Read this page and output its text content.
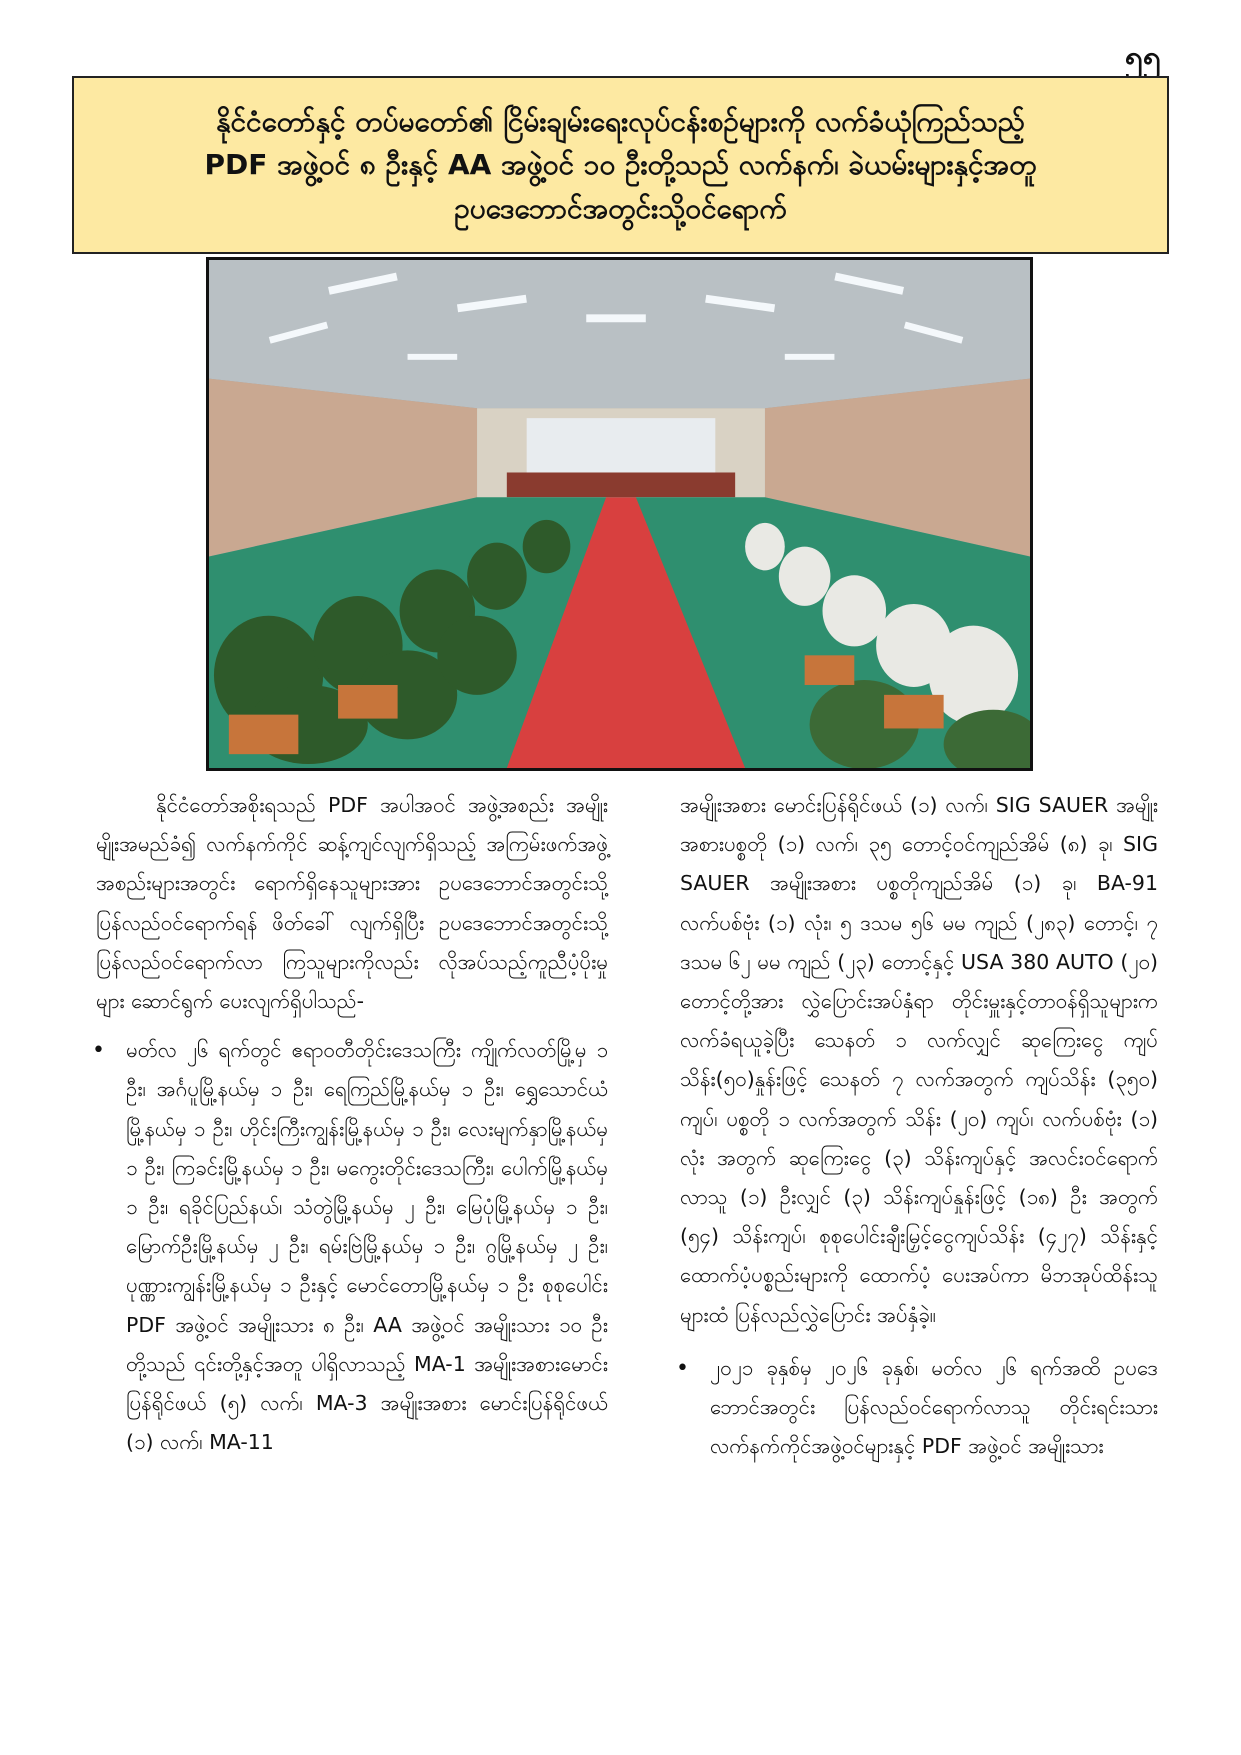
၅၅
နိုင်ငံတော်နှင့် တပ်မတော်၏ ငြိမ်းချမ်းရေးလုပ်ငန်းစဉ်များကို လက်ခံယုံကြည်သည့်
PDF အဖွဲ့ဝင် ၈ ဦးနှင့် AA အဖွဲ့ဝင် ၁၀ ဦးတို့သည် လက်နက်၊ ခဲယမ်းများနှင့်အတူ
ဥပဒေဘောင်အတွင်းသို့ဝင်ရောက်

နိုင်ငံတော်အစိုးရသည် PDF အပါအဝင် အဖွဲ့အစည်း အမျိုးမျိုးအမည်ခံ၍ လက်နက်ကိုင် ဆန့်ကျင်လျက်ရှိသည့် အကြမ်းဖက်အဖွဲ့အစည်းများအတွင်း ရောက်ရှိနေသူများအား ဥပဒေဘောင်အတွင်းသို့ ပြန်လည်ဝင်ရောက်ရန် ဖိတ်ခေါ် လျက်ရှိပြီး ဥပဒေဘောင်အတွင်းသို့ ပြန်လည်ဝင်ရောက်လာ ကြသူများကိုလည်း လိုအပ်သည့်ကူညီပံ့ပိုးမှုများ ဆောင်ရွက် ပေးလျက်ရှိပါသည်-

• မတ်လ ၂၆ ရက်တွင် ဧရာဝတီတိုင်းဒေသကြီး ကျိုက်လတ်မြို့မှ ၁ ဦး၊ အင်္ဂပူမြို့နယ်မှ ၁ ဦး၊ ရေကြည်မြို့နယ်မှ ၁ ဦး၊ ရွှေသောင်ယံမြို့နယ်မှ ၁ ဦး၊ ဟိုင်းကြီးကျွန်းမြို့နယ်မှ ၁ ဦး၊ လေးမျက်နှာမြို့နယ်မှ ၁ ဦး၊ ကြခင်းမြို့နယ်မှ ၁ ဦး၊ မကွေးတိုင်းဒေသကြီး၊ ပေါက်မြို့နယ်မှ ၁ ဦး၊ ရခိုင်ပြည်နယ်၊ သံတွဲမြို့နယ်မှ ၂ ဦး၊ မြေပုံမြို့နယ်မှ ၁ ဦး၊ မြောက်ဦးမြို့နယ်မှ ၂ ဦး၊ ရမ်းဗြဲမြို့နယ်မှ ၁ ဦး၊ ဂွမြို့နယ်မှ ၂ ဦး၊ ပုဏ္ဏားကျွန်းမြို့နယ်မှ ၁ ဦးနှင့် မောင်တောမြို့နယ်မှ ၁ ဦး စုစုပေါင်း PDF အဖွဲ့ဝင် အမျိုးသား ၈ ဦး၊ AA အဖွဲ့ဝင် အမျိုးသား ၁၀ ဦးတို့သည် ၎င်းတို့နှင့်အတူ ပါရှိလာသည့် MA-1 အမျိုးအစားမောင်းပြန်ရိုင်ဖယ် (၅) လက်၊ MA-3 အမျိုးအစား မောင်းပြန်ရိုင်ဖယ် (၁) လက်၊ MA-11

အမျိုးအစား မောင်းပြန်ရိုင်ဖယ် (၁) လက်၊ SIG SAUER အမျိုးအစားပစ္စတို (၁) လက်၊ ၃၅ တောင့်ဝင်ကျည်အိမ် (၈) ခု၊ SIG SAUER အမျိုးအစား ပစ္စတိုကျည်အိမ် (၁) ခု၊ BA-91 လက်ပစ်ဗုံး (၁) လုံး၊ ၅ ဒသမ ၅၆ မမ ကျည် (၂၈၃) တောင့်၊ ၇ ဒသမ ၆၂ မမ ကျည် (၂၃) တောင့်နှင့် USA 380 AUTO (၂၀) တောင့်တို့အား လွှဲပြောင်းအပ်နှံရာ တိုင်းမှူးနှင့်တာဝန်ရှိသူများက လက်ခံရယူခဲ့ပြီး သေနတ် ၁ လက်လျှင် ဆုကြေးငွေ ကျပ်သိန်း(၅၀)နှုန်းဖြင့် သေနတ် ၇ လက်အတွက် ကျပ်သိန်း (၃၅၀) ကျပ်၊ ပစ္စတို ၁ လက်အတွက် သိန်း (၂၀) ကျပ်၊ လက်ပစ်ဗုံး (၁) လုံး အတွက် ဆုကြေးငွေ (၃) သိန်းကျပ်နှင့် အလင်းဝင်ရောက် လာသူ (၁) ဦးလျှင် (၃) သိန်းကျပ်နှုန်းဖြင့် (၁၈) ဦး အတွက် (၅၄) သိန်းကျပ်၊ စုစုပေါင်းချီးမြှင့်ငွေကျပ်သိန်း (၄၂၇) သိန်းနှင့် ထောက်ပံ့ပစ္စည်းများကို ထောက်ပံ့ ပေးအပ်ကာ မိဘအုပ်ထိန်းသူများထံ ပြန်လည်လွှဲပြောင်း အပ်နှံခဲ့။

• ၂၀၂၁ ခုနှစ်မှ ၂၀၂၆ ခုနှစ်၊ မတ်လ ၂၆ ရက်အထိ ဥပဒေ ဘောင်အတွင်း ပြန်လည်ဝင်ရောက်လာသူ တိုင်းရင်းသား လက်နက်ကိုင်အဖွဲ့ဝင်များနှင့် PDF အဖွဲ့ဝင် အမျိုးသား
